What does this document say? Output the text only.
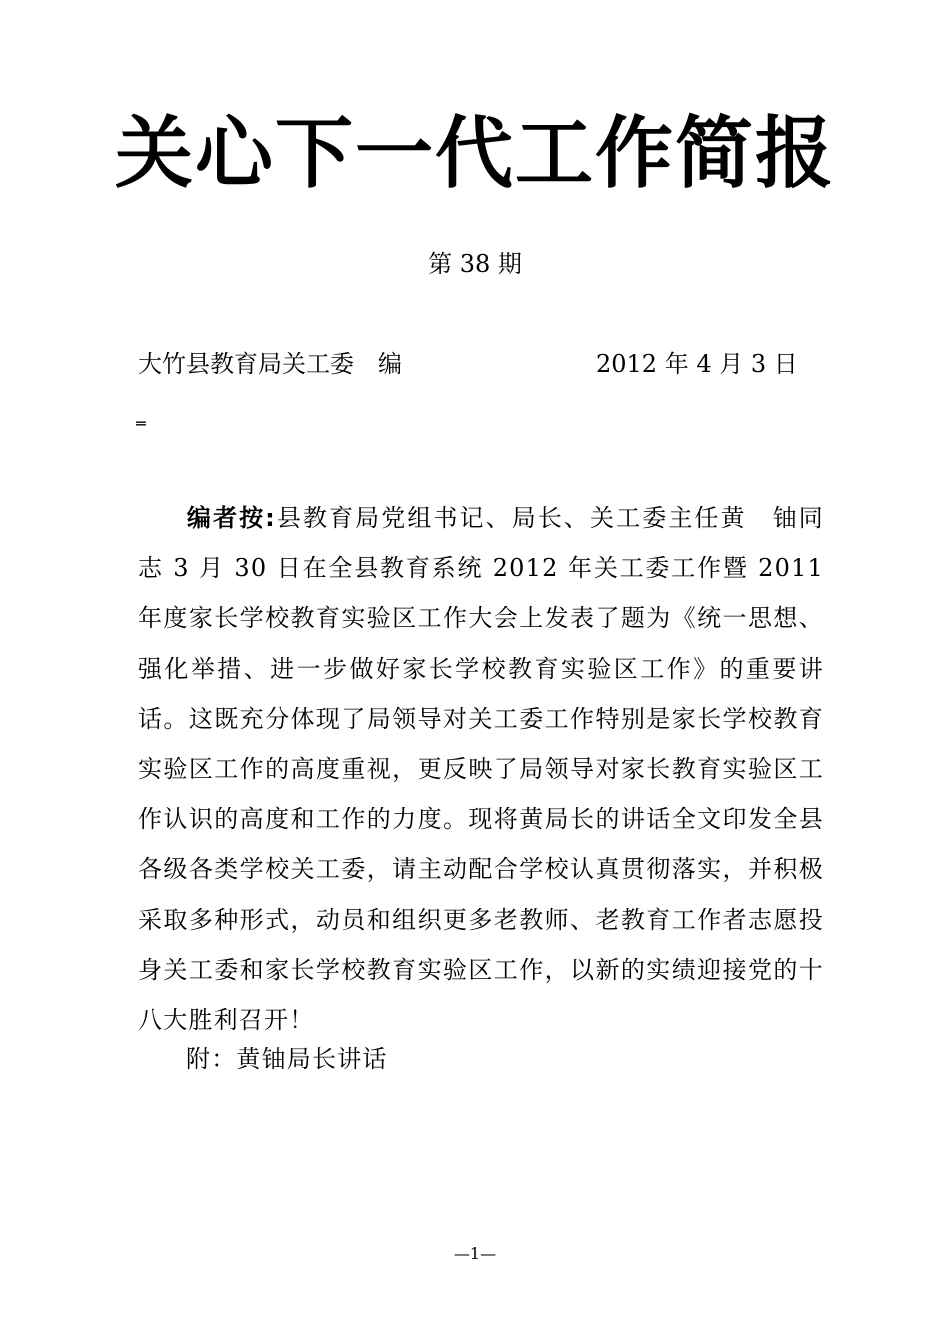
关心下一代工作简报
第 38 期
大竹县教育局关工委　编	2012 年 4 月 3 日
═

编者按:县教育局党组书记、局长、关工委主任黄　铀同志 3 月 30 日在全县教育系统 2012 年关工委工作暨 2011 年度家长学校教育实验区工作大会上发表了题为《统一思想、强化举措、进一步做好家长学校教育实验区工作》的重要讲话。这既充分体现了局领导对关工委工作特别是家长学校教育实验区工作的高度重视，更反映了局领导对家长教育实验区工作认识的高度和工作的力度。现将黄局长的讲话全文印发全县各级各类学校关工委，请主动配合学校认真贯彻落实，并积极采取多种形式，动员和组织更多老教师、老教育工作者志愿投身关工委和家长学校教育实验区工作，以新的实绩迎接党的十八大胜利召开！

附：黄铀局长讲话
—1—
